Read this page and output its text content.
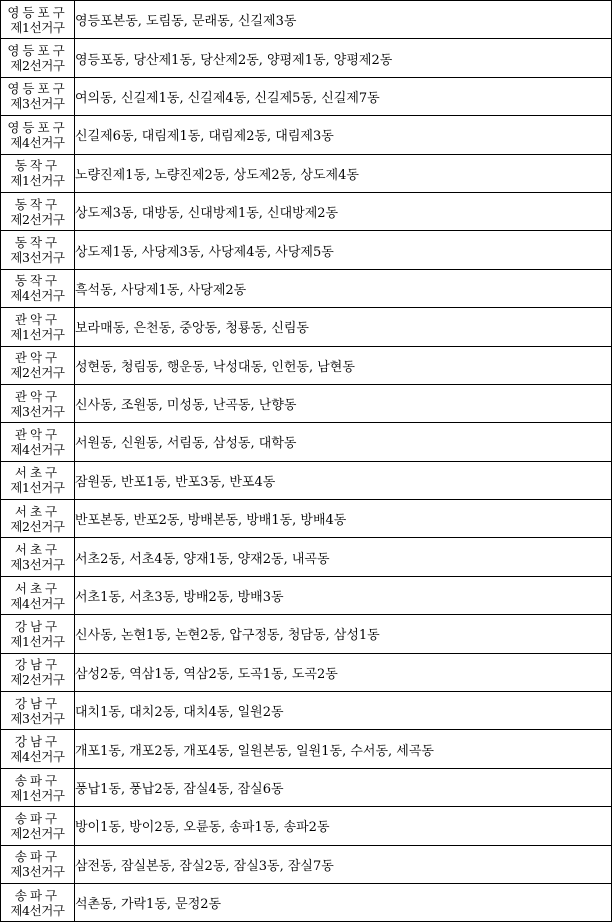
영등포구
제1선거구	영등포본동, 도림동, 문래동, 신길제3동

영등포구
제2선거구	영등포동, 당산제1동, 당산제2동, 양평제1동, 양평제2동

영등포구
제3선거구	여의동, 신길제1동, 신길제4동, 신길제5동, 신길제7동

영등포구
제4선거구	신길제6동, 대림제1동, 대림제2동, 대림제3동

동작구
제1선거구	노량진제1동, 노량진제2동, 상도제2동, 상도제4동

동작구
제2선거구	상도제3동, 대방동, 신대방제1동, 신대방제2동

동작구
제3선거구	상도제1동, 사당제3동, 사당제4동, 사당제5동

동작구
제4선거구	흑석동, 사당제1동, 사당제2동

관악구
제1선거구	보라매동, 은천동, 중앙동, 청룡동, 신림동

관악구
제2선거구	성현동, 청림동, 행운동, 낙성대동, 인헌동, 남현동

관악구
제3선거구	신사동, 조원동, 미성동, 난곡동, 난향동

관악구
제4선거구	서원동, 신원동, 서림동, 삼성동, 대학동

서초구
제1선거구	잠원동, 반포1동, 반포3동, 반포4동

서초구
제2선거구	반포본동, 반포2동, 방배본동, 방배1동, 방배4동

서초구
제3선거구	서초2동, 서초4동, 양재1동, 양재2동, 내곡동

서초구
제4선거구	서초1동, 서초3동, 방배2동, 방배3동

강남구
제1선거구	신사동, 논현1동, 논현2동, 압구정동, 청담동, 삼성1동

강남구
제2선거구	삼성2동, 역삼1동, 역삼2동, 도곡1동, 도곡2동

강남구
제3선거구	대치1동, 대치2동, 대치4동, 일원2동

강남구
제4선거구	개포1동, 개포2동, 개포4동, 일원본동, 일원1동, 수서동, 세곡동

송파구
제1선거구	풍납1동, 풍납2동, 잠실4동, 잠실6동

송파구
제2선거구	방이1동, 방이2동, 오륜동, 송파1동, 송파2동

송파구
제3선거구	삼전동, 잠실본동, 잠실2동, 잠실3동, 잠실7동

송파구
제4선거구	석촌동, 가락1동, 문정2동
